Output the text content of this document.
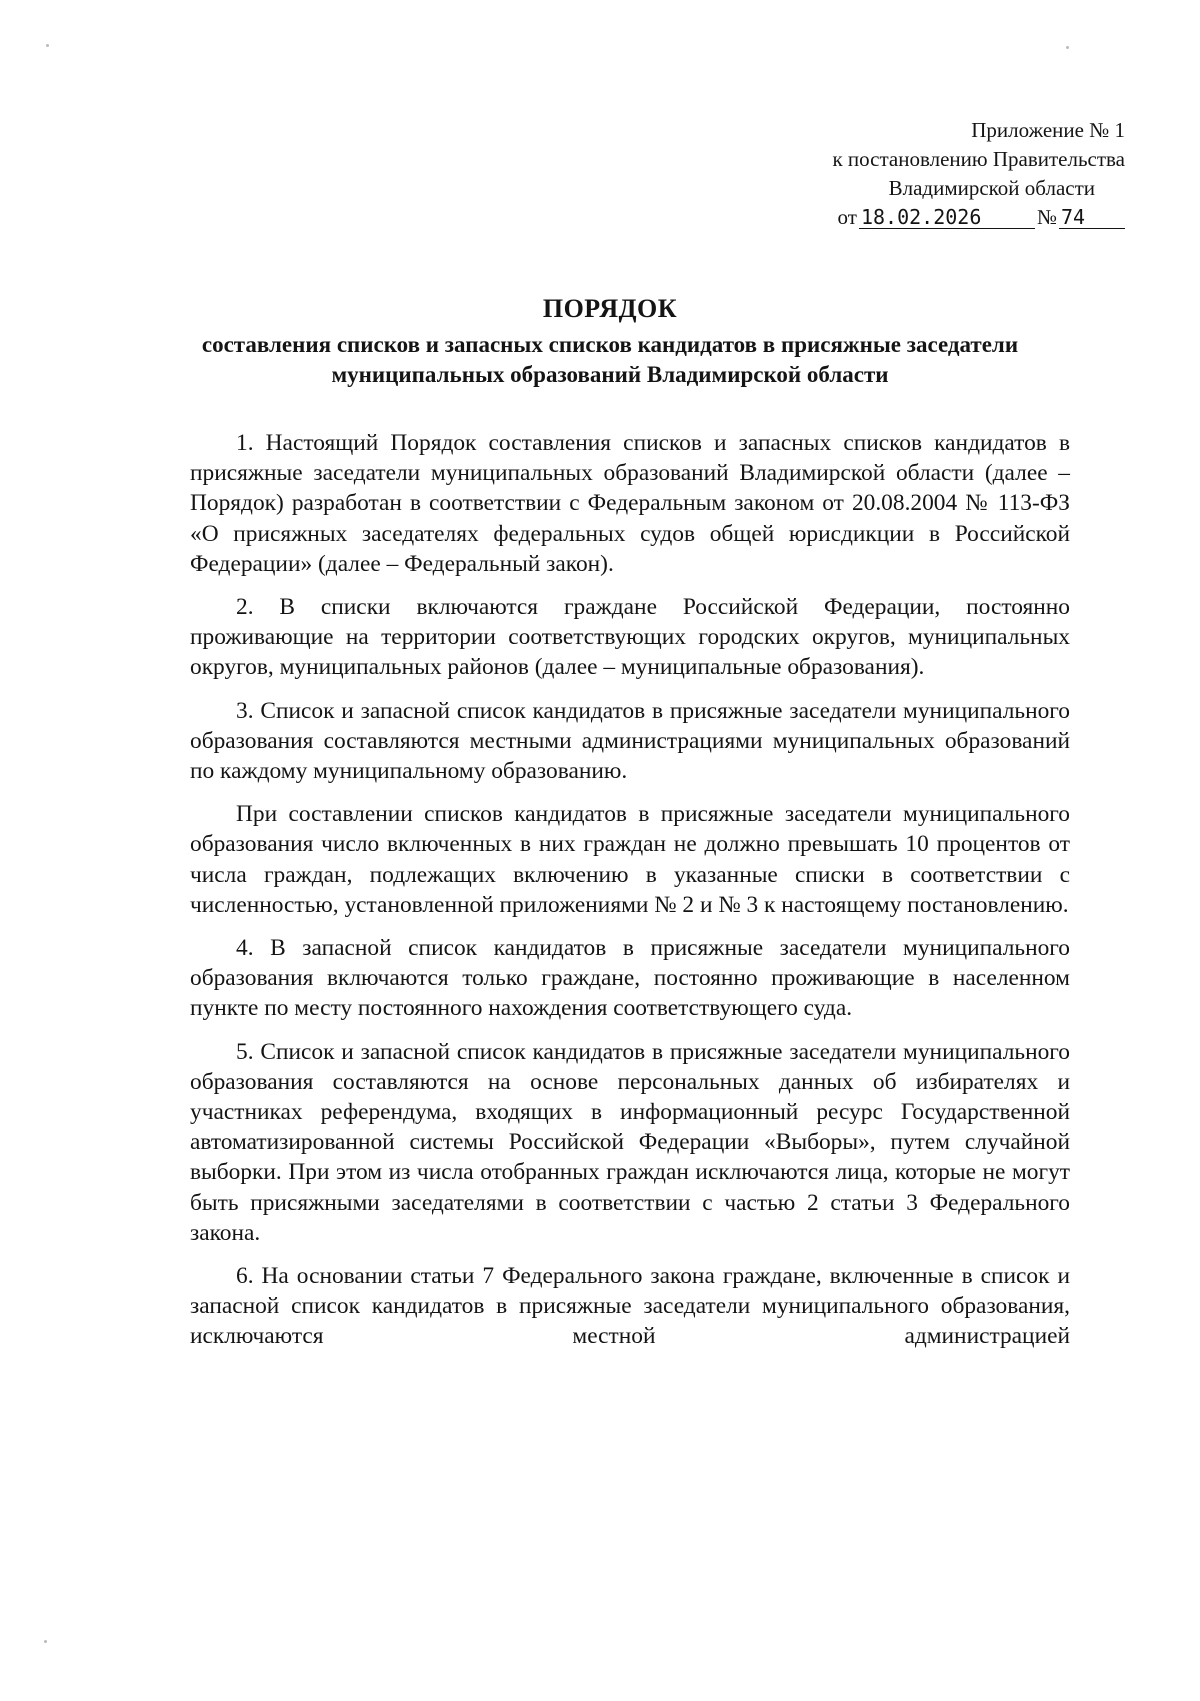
Приложение № 1
к постановлению Правительства
Владимирской области
от 18.02.2026	№ 74
ПОРЯДОК
составления списков и запасных списков кандидатов в присяжные заседатели муниципальных образований Владимирской области

1. Настоящий Порядок составления списков и запасных списков кандидатов в присяжные заседатели муниципальных образований Владимирской области (далее – Порядок) разработан в соответствии с Федеральным законом от 20.08.2004 № 113-ФЗ «О присяжных заседателях федеральных судов общей юрисдикции в Российской Федерации» (далее – Федеральный закон).

2. В списки включаются граждане Российской Федерации, постоянно проживающие на территории соответствующих городских округов, муниципальных округов, муниципальных районов (далее – муниципальные образования).

3. Список и запасной список кандидатов в присяжные заседатели муниципального образования составляются местными администрациями муниципальных образований по каждому муниципальному образованию.

При составлении списков кандидатов в присяжные заседатели муниципального образования число включенных в них граждан не должно превышать 10 процентов от числа граждан, подлежащих включению в указанные списки в соответствии с численностью, установленной приложениями № 2 и № 3 к настоящему постановлению.

4. В запасной список кандидатов в присяжные заседатели муниципального образования включаются только граждане, постоянно проживающие в населенном пункте по месту постоянного нахождения соответствующего суда.

5. Список и запасной список кандидатов в присяжные заседатели муниципального образования составляются на основе персональных данных об избирателях и участниках референдума, входящих в информационный ресурс Государственной автоматизированной системы Российской Федерации «Выборы», путем случайной выборки. При этом из числа отобранных граждан исключаются лица, которые не могут быть присяжными заседателями в соответствии с частью 2 статьи 3 Федерального закона.

6. На основании статьи 7 Федерального закона граждане, включенные в список и запасной список кандидатов в присяжные заседатели муниципального образования, исключаются местной администрацией
